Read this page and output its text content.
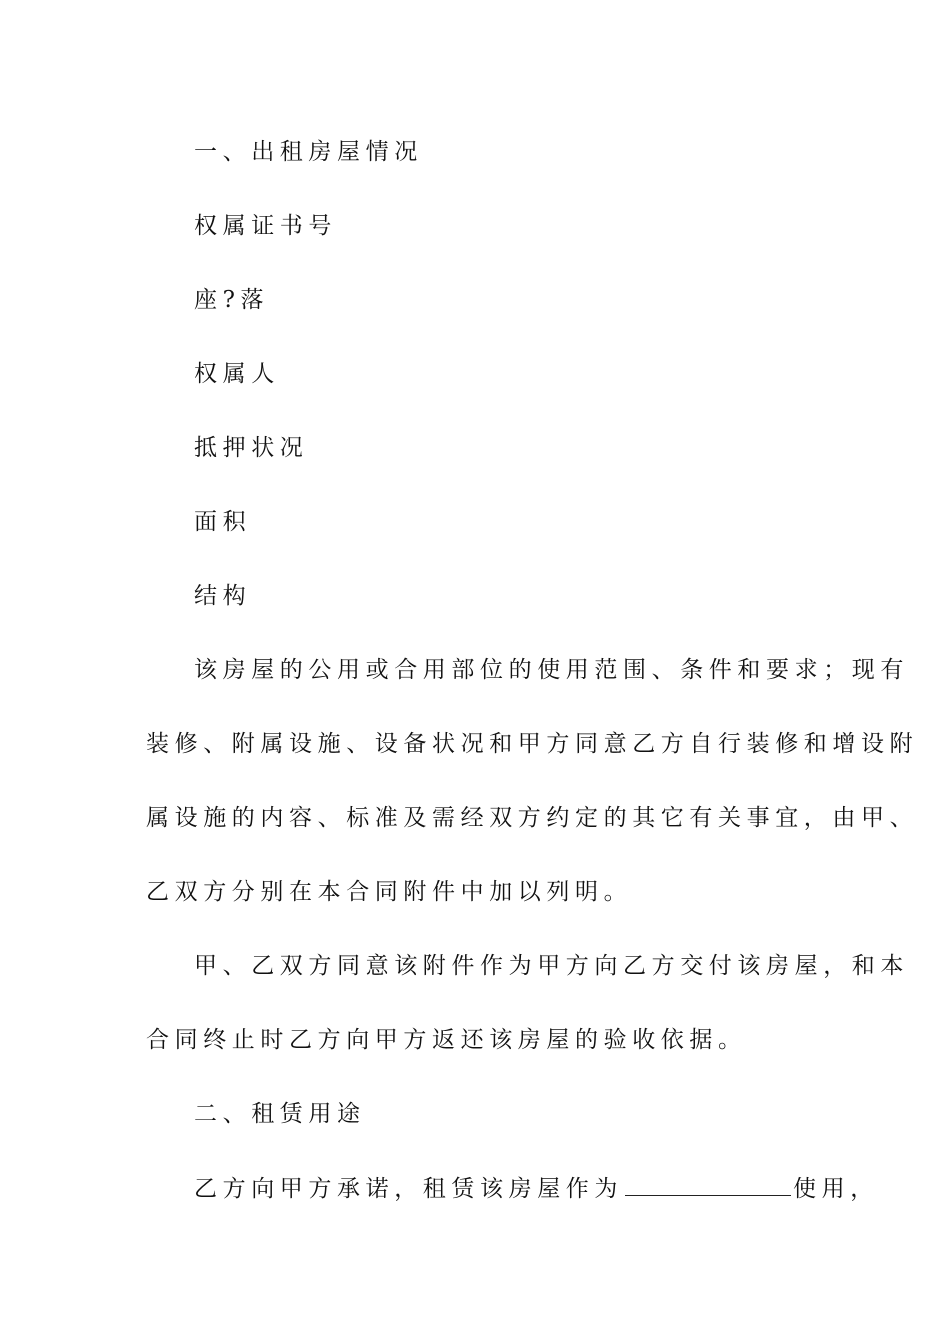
一、出租房屋情况
权属证书号
座?落
权属人
抵押状况
面积
结构
该房屋的公用或合用部位的使用范围、条件和要求；现有
装修、附属设施、设备状况和甲方同意乙方自行装修和增设附
属设施的内容、标准及需经双方约定的其它有关事宜，由甲、
乙双方分别在本合同附件中加以列明。
甲、乙双方同意该附件作为甲方向乙方交付该房屋，和本
合同终止时乙方向甲方返还该房屋的验收依据。
二、租赁用途
乙方向甲方承诺，租赁该房屋作为	使用，
